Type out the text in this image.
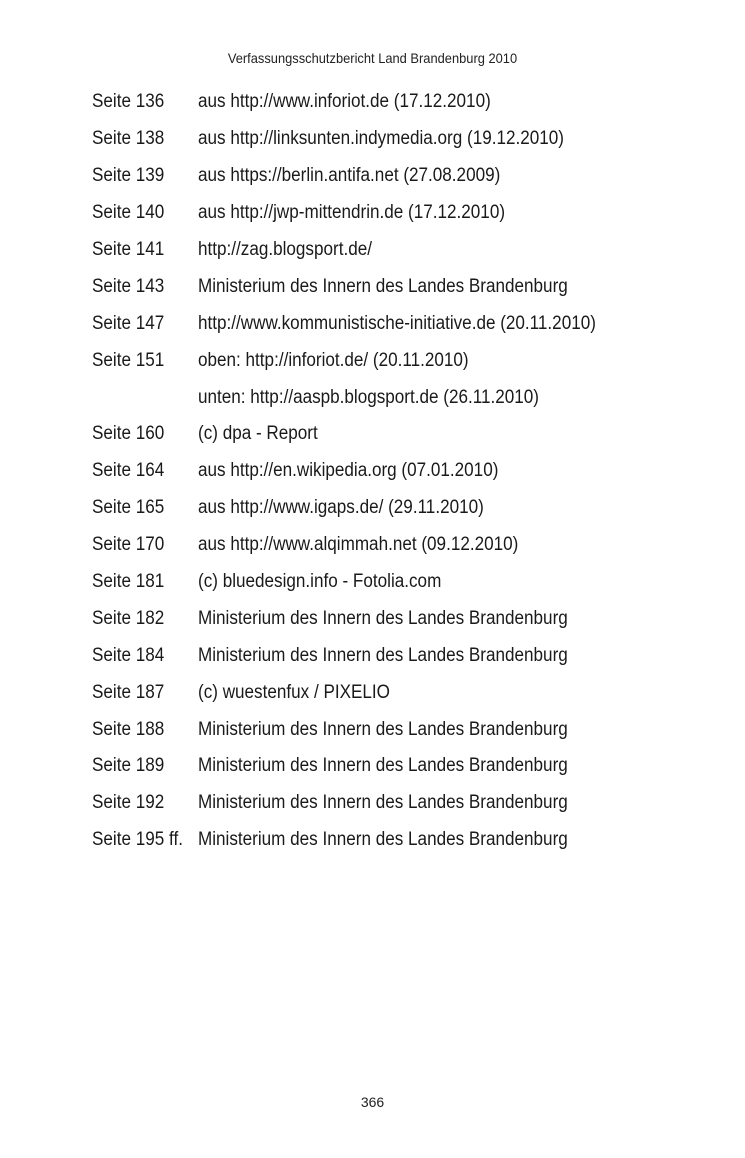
Verfassungsschutzbericht Land Brandenburg 2010
Seite 136	aus http://www.inforiot.de (17.12.2010)
Seite 138	aus http://linksunten.indymedia.org (19.12.2010)
Seite 139	aus https://berlin.antifa.net (27.08.2009)
Seite 140	aus http://jwp-mittendrin.de (17.12.2010)
Seite 141	http://zag.blogsport.de/
Seite 143	Ministerium des Innern des Landes Brandenburg
Seite 147	http://www.kommunistische-initiative.de (20.11.2010)
Seite 151	oben: http://inforiot.de/ (20.11.2010)
unten: http://aaspb.blogsport.de (26.11.2010)
Seite 160	(c) dpa - Report
Seite 164	aus http://en.wikipedia.org (07.01.2010)
Seite 165	aus http://www.igaps.de/ (29.11.2010)
Seite 170	aus http://www.alqimmah.net (09.12.2010)
Seite 181	(c) bluedesign.info - Fotolia.com
Seite 182	Ministerium des Innern des Landes Brandenburg
Seite 184	Ministerium des Innern des Landes Brandenburg
Seite 187	(c) wuestenfux / PIXELIO
Seite 188	Ministerium des Innern des Landes Brandenburg
Seite 189	Ministerium des Innern des Landes Brandenburg
Seite 192	Ministerium des Innern des Landes Brandenburg
Seite 195 ff. Ministerium des Innern des Landes Brandenburg
366
